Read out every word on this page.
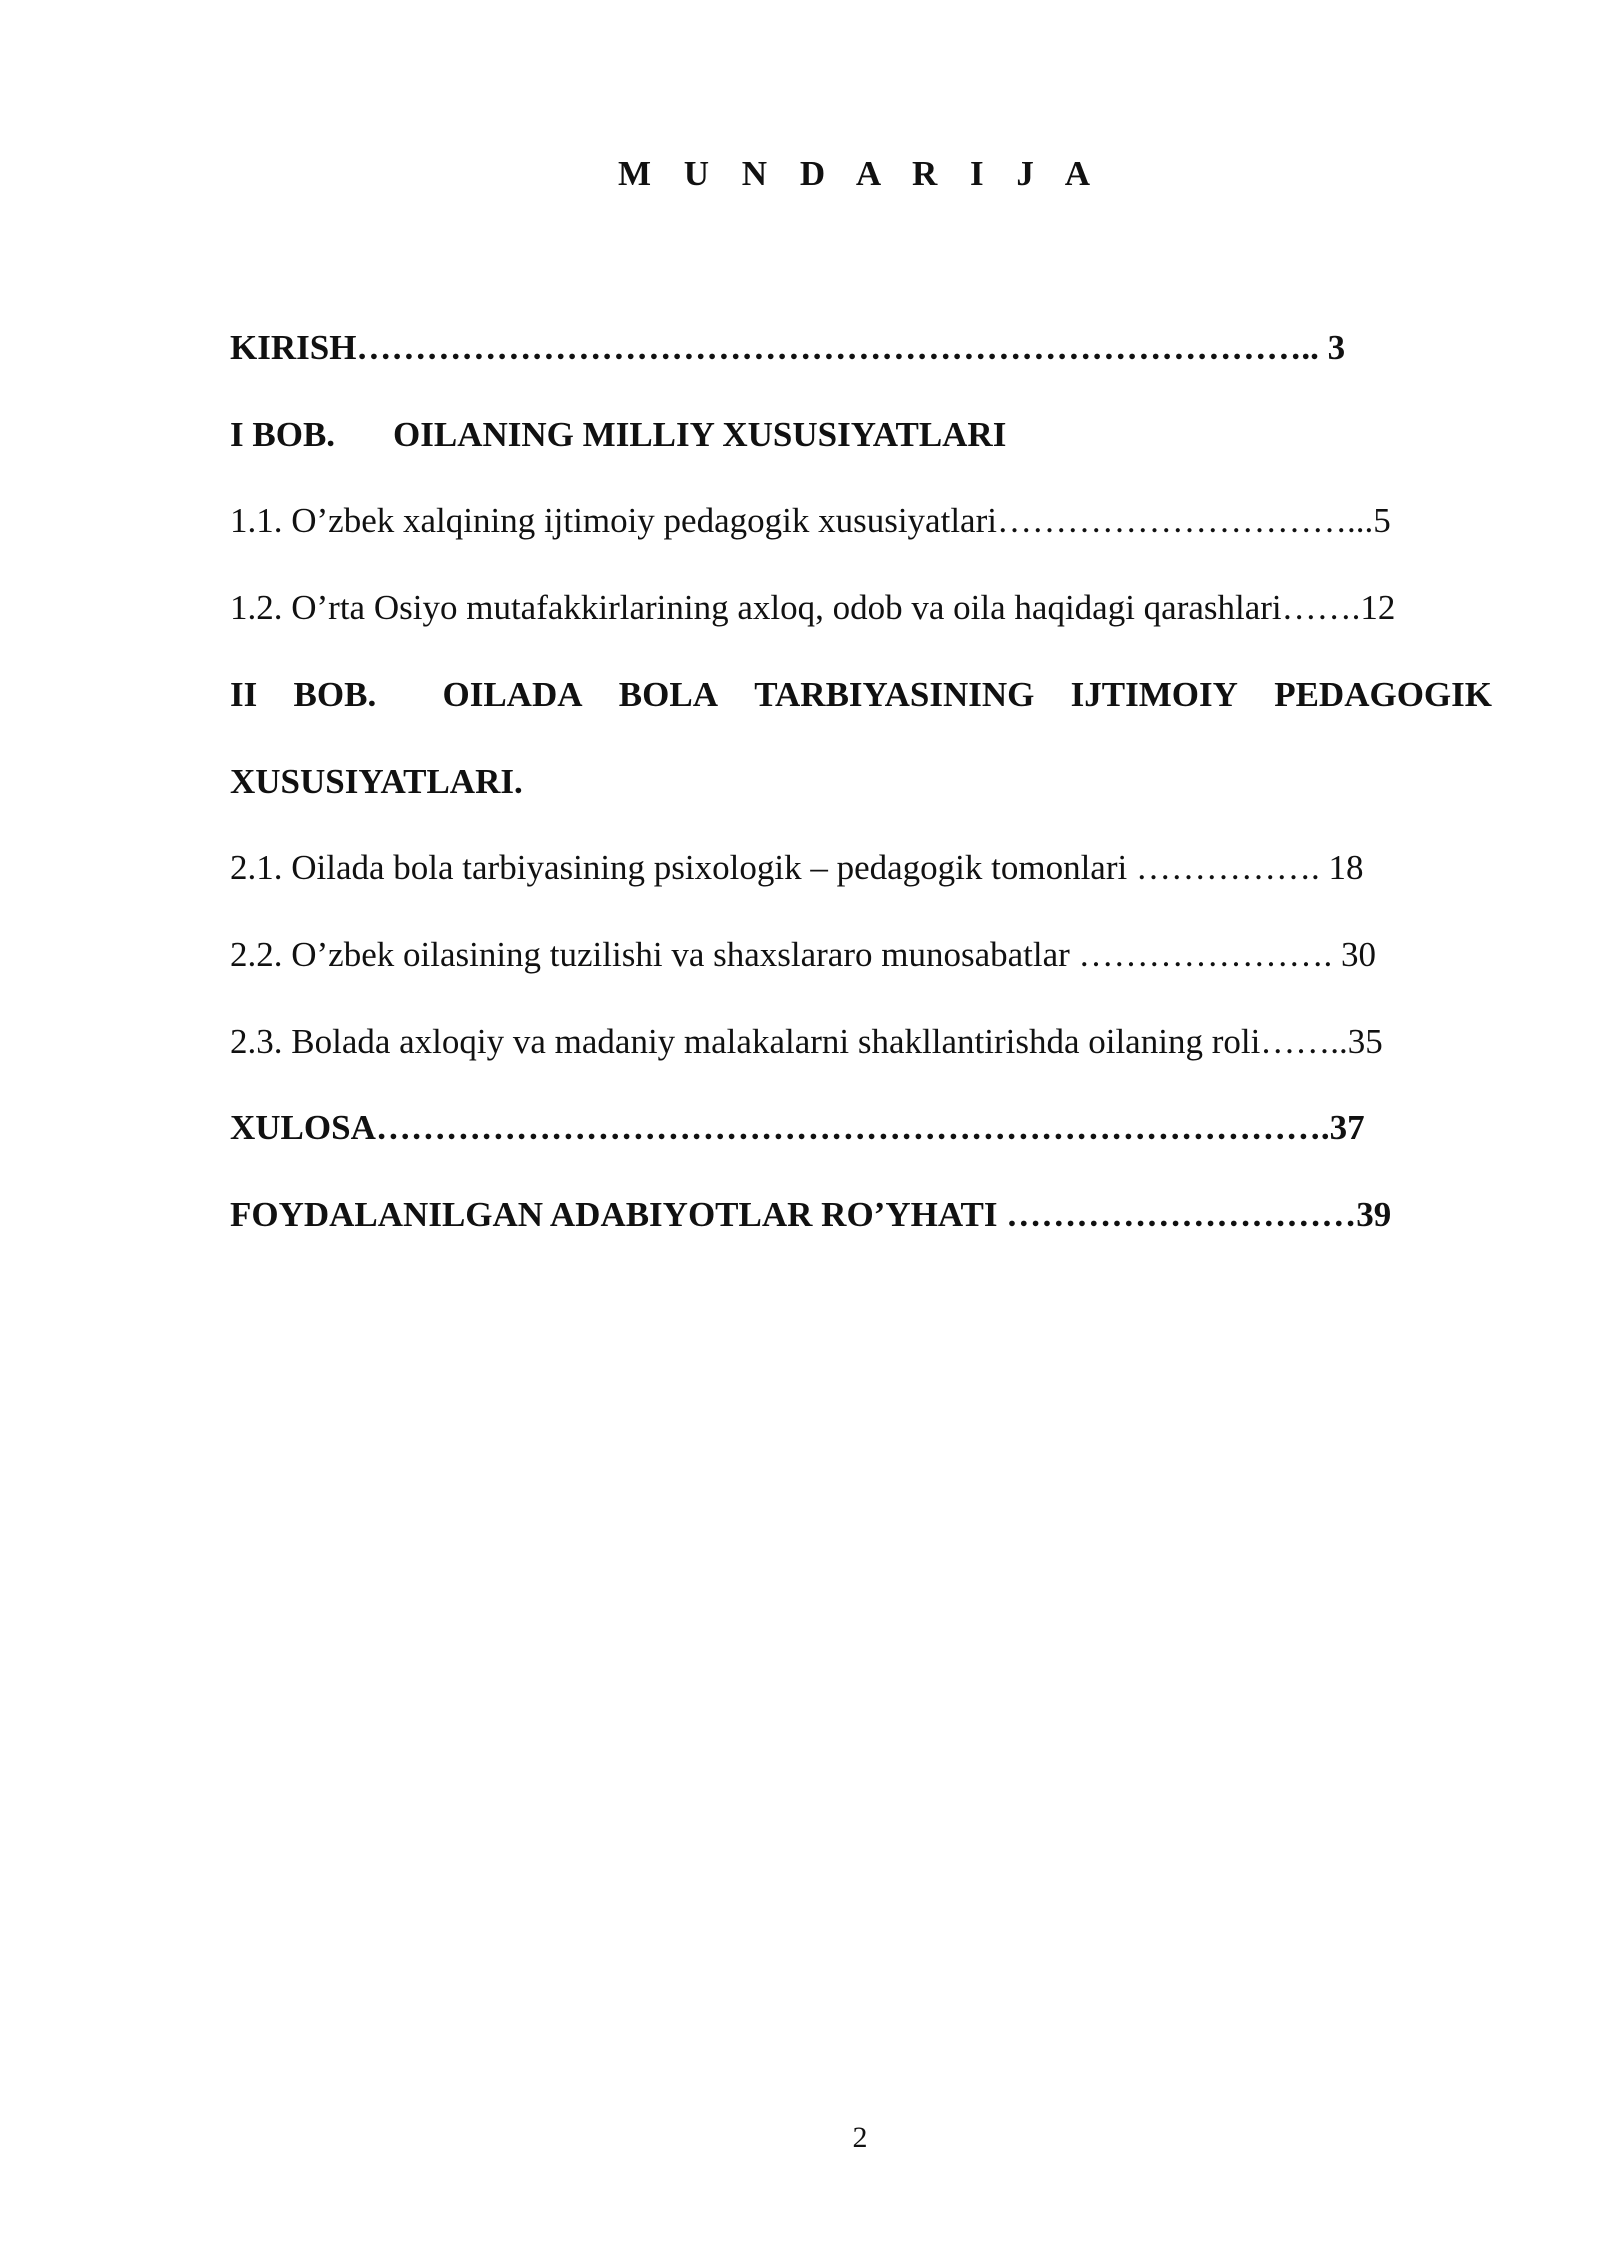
M U N D A R I J A
KIRISH……………………………………………………………………….. 3
I BOB. OILANING MILLIY XUSUSIYATLARI
1.1. O’zbek xalqining ijtimoiy pedagogik xususiyatlari…………………………...5
1.2. O’rta Osiyo mutafakkirlarining axloq, odob va oila haqidagi qarashlari…….12
II BOB. OILADA BOLA TARBIYASINING IJTIMOIY PEDAGOGIK
XUSUSIYATLARI.
2.1. Oilada bola tarbiyasining psixologik – pedagogik tomonlari ……………. 18
2.2. O’zbek oilasining tuzilishi va shaxslararo munosabatlar …………………. 30
2.3. Bolada axloqiy va madaniy malakalarni shakllantirishda oilaning roli……..35
XULOSA……………………………………………………………………….37
FOYDALANILGAN ADABIYOTLAR RO’YHATI …………………………39
2
